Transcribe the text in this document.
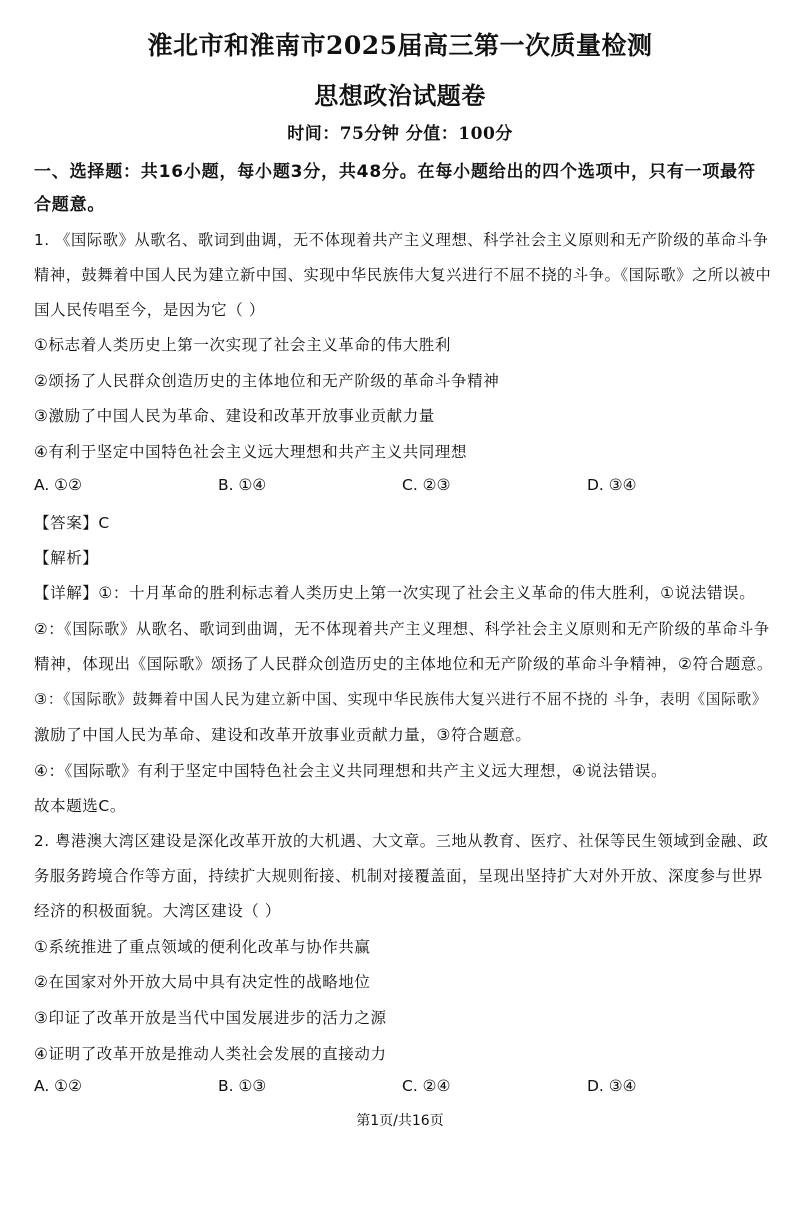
淮北市和淮南市2025届高三第一次质量检测
思想政治试题卷
时间：75分钟 分值：100分
一、选择题：共16小题，每小题3分，共48分。在每小题给出的四个选项中，只有一项最符
合题意。
1. 《国际歌》从歌名、歌词到曲调，无不体现着共产主义理想、科学社会主义原则和无产阶级的革命斗争
精神，鼓舞着中国人民为建立新中国、实现中华民族伟大复兴进行不屈不挠的斗争。《国际歌》之所以被中
国人民传唱至今，是因为它（ ）
①标志着人类历史上第一次实现了社会主义革命的伟大胜利
②颂扬了人民群众创造历史的主体地位和无产阶级的革命斗争精神
③激励了中国人民为革命、建设和改革开放事业贡献力量
④有利于坚定中国特色社会主义远大理想和共产主义共同理想
A. ①②	B. ①④	C. ②③	D. ③④
【答案】C
【解析】
【详解】①：十月革命的胜利标志着人类历史上第一次实现了社会主义革命的伟大胜利，①说法错误。
②：《国际歌》从歌名、歌词到曲调，无不体现着共产主义理想、科学社会主义原则和无产阶级的革命斗争
精神，体现出《国际歌》颂扬了人民群众创造历史的主体地位和无产阶级的革命斗争精神，②符合题意。
③：《国际歌》鼓舞着中国人民为建立新中国、实现中华民族伟大复兴进行不屈不挠的 斗争，表明《国际歌》
激励了中国人民为革命、建设和改革开放事业贡献力量，③符合题意。
④：《国际歌》有利于坚定中国特色社会主义共同理想和共产主义远大理想，④说法错误。
故本题选C。
2. 粤港澳大湾区建设是深化改革开放的大机遇、大文章。三地从教育、医疗、社保等民生领域到金融、政
务服务跨境合作等方面，持续扩大规则衔接、机制对接覆盖面，呈现出坚持扩大对外开放、深度参与世界
经济的积极面貌。大湾区建设（ ）
①系统推进了重点领域的便利化改革与协作共赢
②在国家对外开放大局中具有决定性的战略地位
③印证了改革开放是当代中国发展进步的活力之源
④证明了改革开放是推动人类社会发展的直接动力
A. ①②	B. ①③	C. ②④	D. ③④
第1页/共16页
